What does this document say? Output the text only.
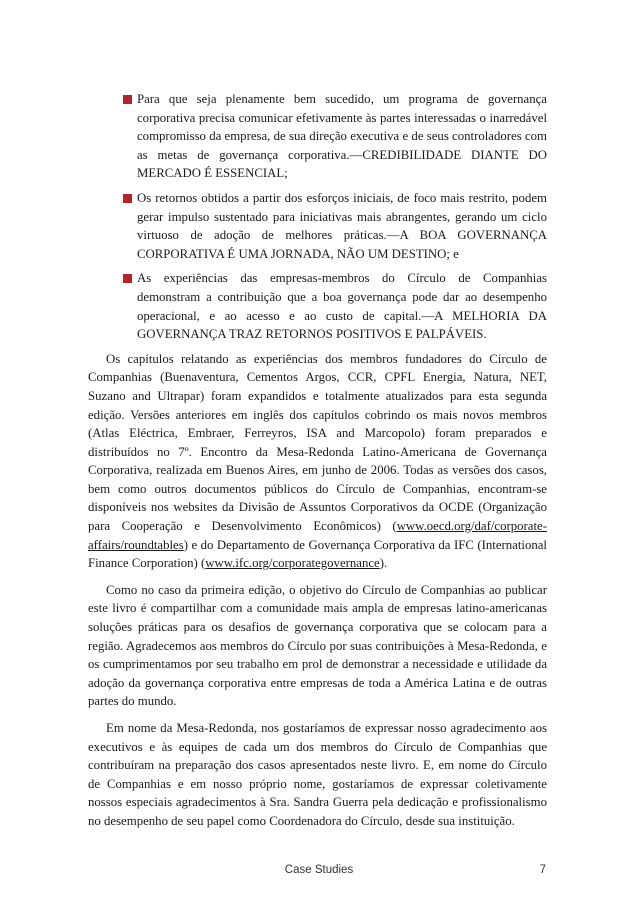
Para que seja plenamente bem sucedido, um programa de governança corporativa precisa comunicar efetivamente às partes interessadas o inarredável compromisso da empresa, de sua direção executiva e de seus controladores com as metas de governança corporativa.—CREDIBILIDADE DIANTE DO MERCADO É ESSENCIAL;
Os retornos obtidos a partir dos esforços iniciais, de foco mais restrito, podem gerar impulso sustentado para iniciativas mais abrangentes, gerando um ciclo virtuoso de adoção de melhores práticas.—A BOA GOVERNANÇA CORPORATIVA É UMA JORNADA, NÃO UM DESTINO; e
As experiências das empresas-membros do Círculo de Companhias demonstram a contribuição que a boa governança pode dar ao desempenho operacional, e ao acesso e ao custo de capital.—A MELHORIA DA GOVERNANÇA TRAZ RETORNOS POSITIVOS E PALPÁVEIS.

Os capítulos relatando as experiências dos membros fundadores do Círculo de Companhias (Buenaventura, Cementos Argos, CCR, CPFL Energia, Natura, NET, Suzano and Ultrapar) foram expandidos e totalmente atualizados para esta segunda edição. Versões anteriores em inglês dos capítulos cobrindo os mais novos membros (Atlas Eléctrica, Embraer, Ferreyros, ISA and Marcopolo) foram preparados e distribuídos no 7º. Encontro da Mesa-Redonda Latino-Americana de Governança Corporativa, realizada em Buenos Aires, em junho de 2006. Todas as versões dos casos, bem como outros documentos públicos do Círculo de Companhias, encontram-se disponíveis nos websites da Divisão de Assuntos Corporativos da OCDE (Organização para Cooperação e Desenvolvimento Econômicos) (www.oecd.org/daf/corporate-affairs/roundtables) e do Departamento de Governança Corporativa da IFC (International Finance Corporation) (www.ifc.org/corporategovernance).

Como no caso da primeira edição, o objetivo do Círculo de Companhias ao publicar este livro é compartilhar com a comunidade mais ampla de empresas latino-americanas soluções práticas para os desafios de governança corporativa que se colocam para a região. Agradecemos aos membros do Círculo por suas contribuições à Mesa-Redonda, e os cumprimentamos por seu trabalho em prol de demonstrar a necessidade e utilidade da adoção da governança corporativa entre empresas de toda a América Latina e de outras partes do mundo.

Em nome da Mesa-Redonda, nos gostaríamos de expressar nosso agradecimento aos executivos e às equipes de cada um dos membros do Círculo de Companhias que contribuíram na preparação dos casos apresentados neste livro. E, em nome do Círculo de Companhias e em nosso próprio nome, gostaríamos de expressar coletivamente nossos especiais agradecimentos à Sra. Sandra Guerra pela dedicação e profissionalismo no desempenho de seu papel como Coordenadora do Círculo, desde sua instituição.

Case Studies	7
